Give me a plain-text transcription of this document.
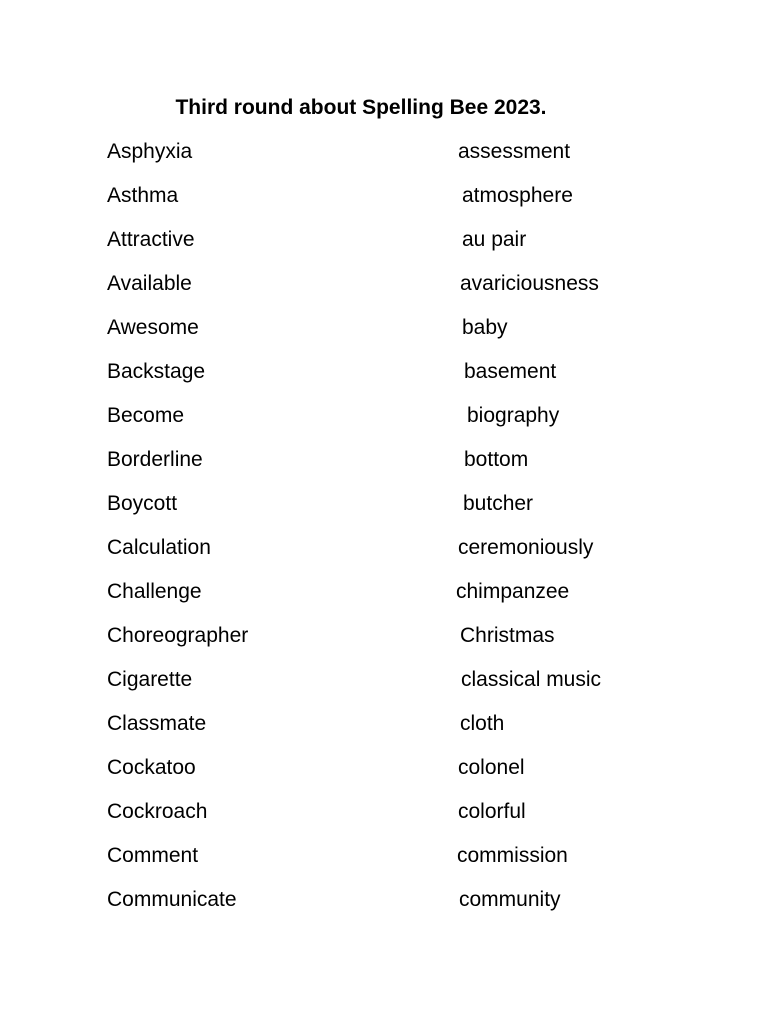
Third round about Spelling Bee 2023.
Asphyxia	assessment
Asthma	atmosphere
Attractive	au pair
Available	avariciousness
Awesome	baby
Backstage	basement
Become	biography
Borderline	bottom
Boycott	butcher
Calculation	ceremoniously
Challenge	chimpanzee
Choreographer	Christmas
Cigarette	classical music
Classmate	cloth
Cockatoo	colonel
Cockroach	colorful
Comment	commission
Communicate	community
